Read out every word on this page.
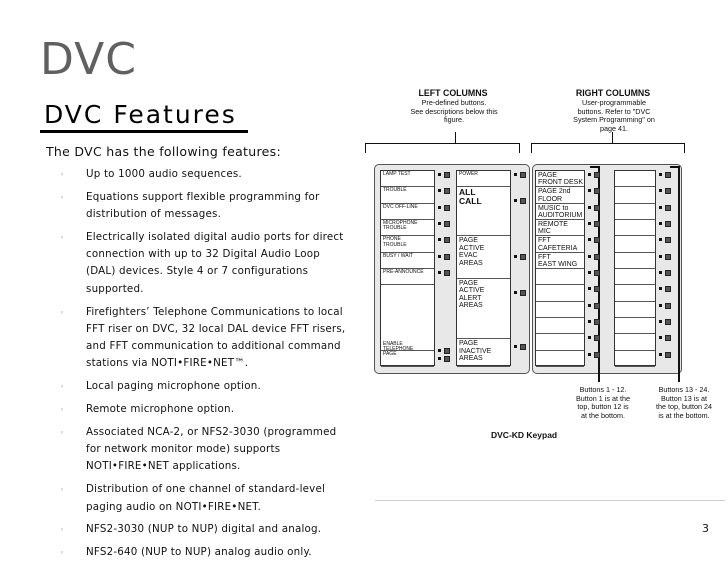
DVC
DVC Features
The DVC has the following features:
◦ Up to 1000 audio sequences.
◦ Equations support flexible programming for distribution of messages.
◦ Electrically isolated digital audio ports for direct connection with up to 32 Digital Audio Loop (DAL) devices. Style 4 or 7 configurations supported.
◦ Firefighters’ Telephone Communications to local FFT riser on DVC, 32 local DAL device FFT risers, and FFT communication to additional command stations via NOTI•FIRE•NET™.
◦ Local paging microphone option.
◦ Remote microphone option.
◦ Associated NCA-2, or NFS2-3030 (programmed for network monitor mode) supports NOTI•FIRE•NET applications.
◦ Distribution of one channel of standard-level paging audio on NOTI•FIRE•NET.
◦ NFS2-3030 (NUP to NUP) digital and analog.
◦ NFS2-640 (NUP to NUP) analog audio only.
LEFT COLUMNS
Pre-defined buttons.
See descriptions below this
figure.
RIGHT COLUMNS
User-programmable
buttons. Refer to "DVC
System Programming" on
page 41.
LAMP TEST
TROUBLE
DVC OFF-LINE
MICROPHONE
TROUBLE
PHONE
TROUBLE
BUSY / WAIT
PRE-ANNOUNCE
ENABLE
TELEPHONE
PAGE
POWER
ALL
CALL
PAGE
ACTIVE
EVAC
AREAS
PAGE
ACTIVE
ALERT
AREAS
PAGE
INACTIVE
AREAS
PAGE
FRONT DESK
PAGE 2nd
FLOOR
MUSIC to
AUDITORIUM
REMOTE
MIC
FFT
CAFETERIA
FFT
EAST WING
Buttons 1 - 12.
Button 1 is at the
top, button 12 is
at the bottom.
Buttons 13 - 24.
Button 13 is at
the top, button 24
is at the bottom.
DVC-KD Keypad
3
